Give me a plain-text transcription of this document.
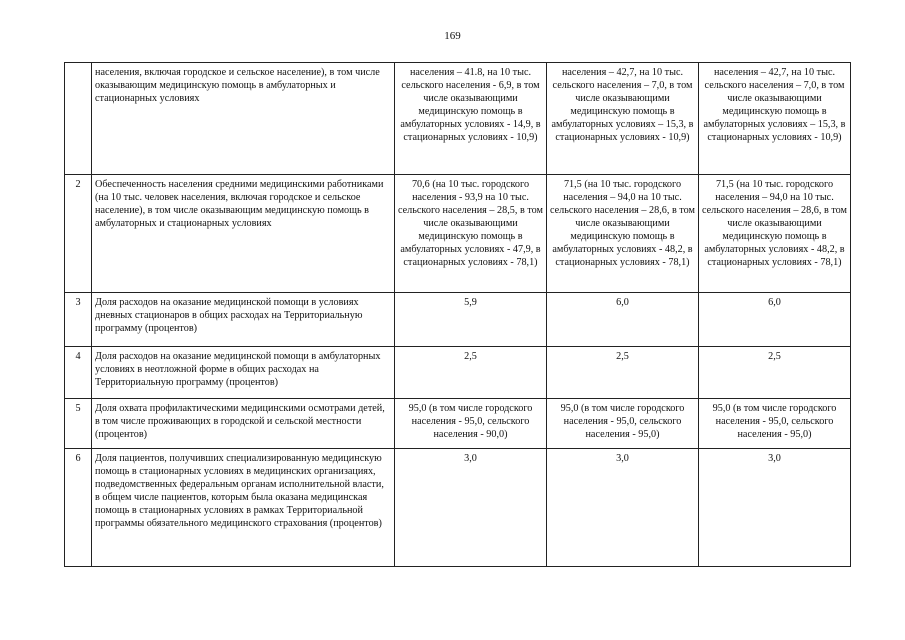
169
	населения, включая городское и сельское население), в том числе оказывающим медицинскую помощь в амбулаторных и стационарных условиях	населения – 41.8, на 10 тыс. сельского населения - 6,9, в том числе оказывающими медицинскую помощь в амбулаторных условиях - 14,9, в стационарных условиях - 10,9)	населения – 42,7, на 10 тыс. сельского населения – 7,0, в том числе оказывающими медицинскую помощь в амбулаторных условиях – 15,3, в стационарных условиях - 10,9)	населения – 42,7, на 10 тыс. сельского населения – 7,0, в том числе оказывающими медицинскую помощь в амбулаторных условиях – 15,3, в стационарных условиях - 10,9)
2	Обеспеченность населения средними медицинскими работниками (на 10 тыс. человек населения, включая городское и сельское население), в том числе оказывающим медицинскую помощь в амбулаторных и стационарных условиях	70,6 (на 10 тыс. городского населения - 93,9 на 10 тыс. сельского населения – 28,5, в том числе оказывающими медицинскую помощь в амбулаторных условиях - 47,9, в стационарных условиях - 78,1)	71,5 (на 10 тыс. городского населения – 94,0 на 10 тыс. сельского населения – 28,6, в том числе оказывающими медицинскую помощь в амбулаторных условиях - 48,2, в стационарных условиях - 78,1)	71,5 (на 10 тыс. городского населения – 94,0 на 10 тыс. сельского населения – 28,6, в том числе оказывающими медицинскую помощь в амбулаторных условиях - 48,2, в стационарных условиях - 78,1)
3	Доля расходов на оказание медицинской помощи в условиях дневных стационаров в общих расходах на Территориальную программу (процентов)	5,9	6,0	6,0
4	Доля расходов на оказание медицинской помощи в амбулаторных условиях в неотложной форме в общих расходах на Территориальную программу (процентов)	2,5	2,5	2,5
5	Доля охвата профилактическими медицинскими осмотрами детей, в том числе проживающих в городской и сельской местности (процентов)	95,0 (в том числе городского населения - 95,0, сельского населения - 90,0)	95,0 (в том числе городского населения - 95,0, сельского населения - 95,0)	95,0 (в том числе городского населения - 95,0, сельского населения - 95,0)
6	Доля пациентов, получивших специализированную медицинскую помощь в стационарных условиях в медицинских организациях, подведомственных федеральным органам исполнительной власти, в общем числе пациентов, которым была оказана медицинская помощь в стационарных условиях в рамках Территориальной программы обязательного медицинского страхования (процентов)	3,0	3,0	3,0
